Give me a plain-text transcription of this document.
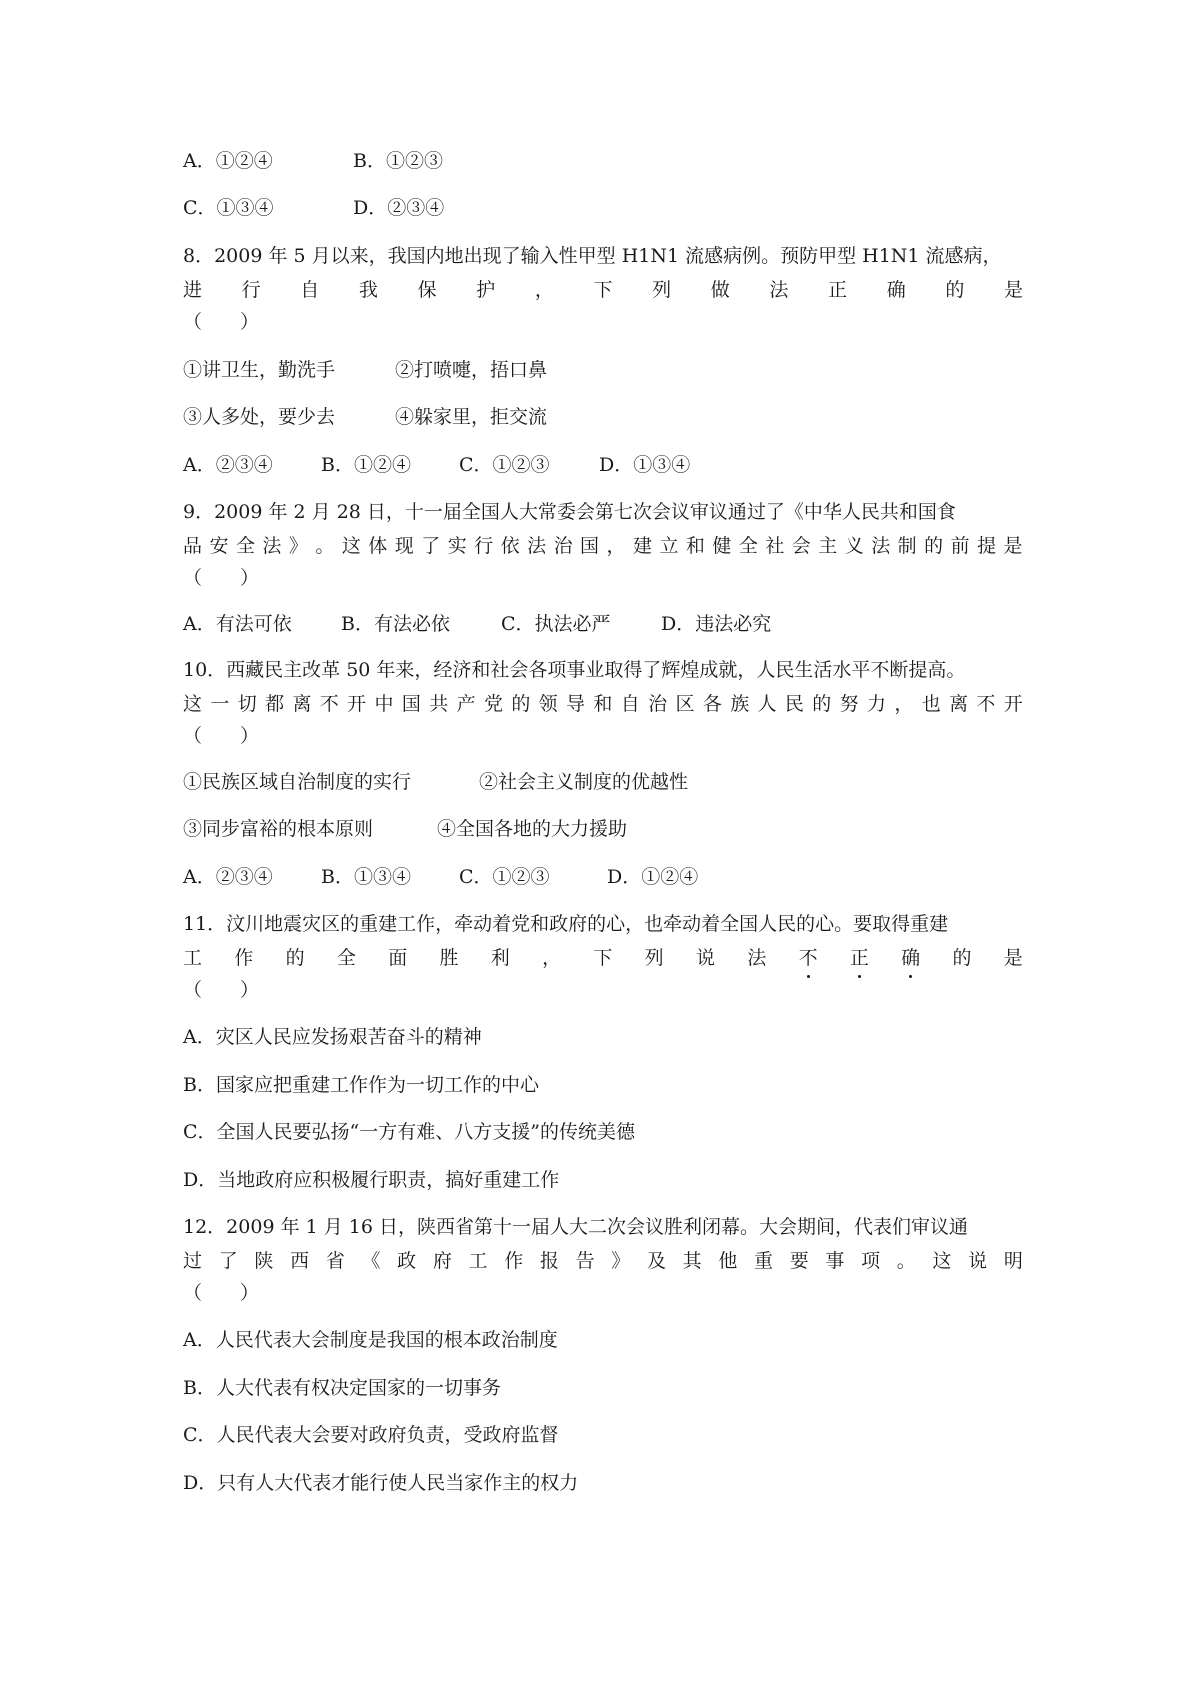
A．①②④	B．①②③
C．①③④	D．②③④
8．2009 年 5 月以来，我国内地出现了输入性甲型 H1N1 流感病例。预防甲型 H1N1 流感病，
进 行 自 我 保 护 ， 下 列 做 法 正 确 的 是
（　　）
①讲卫生，勤洗手	②打喷嚏，捂口鼻
③人多处，要少去	④躲家里，拒交流
A．②③④	B．①②④	C．①②③	D．①③④
9．2009 年 2 月 28 日，十一届全国人大常委会第七次会议审议通过了《中华人民共和国食
品 安 全 法 》 。 这 体 现 了 实 行 依 法 治 国 ， 建 立 和 健 全 社 会 主 义 法 制 的 前 提 是
（　　）
A．有法可依	B．有法必依	C．执法必严	D．违法必究
10．西藏民主改革 50 年来，经济和社会各项事业取得了辉煌成就，人民生活水平不断提高。
这 一 切 都 离 不 开 中 国 共 产 党 的 领 导 和 自 治 区 各 族 人 民 的 努 力 ， 也 离 不 开
（　　）
①民族区域自治制度的实行	②社会主义制度的优越性
③同步富裕的根本原则	④全国各地的大力援助
A．②③④	B．①③④	C．①②③	D．①②④
11．汶川地震灾区的重建工作，牵动着党和政府的心，也牵动着全国人民的心。要取得重建
工 作 的 全 面 胜 利 ， 下 列 说 法 不 正 确 的 是
（　　）
A．灾区人民应发扬艰苦奋斗的精神
B．国家应把重建工作作为一切工作的中心
C．全国人民要弘扬“一方有难、八方支援”的传统美德
D．当地政府应积极履行职责，搞好重建工作
12．2009 年 1 月 16 日，陕西省第十一届人大二次会议胜利闭幕。大会期间，代表们审议通
过 了 陕 西 省 《 政 府 工 作 报 告 》 及 其 他 重 要 事 项 。 这 说 明
（　　）
A．人民代表大会制度是我国的根本政治制度
B．人大代表有权决定国家的一切事务
C．人民代表大会要对政府负责，受政府监督
D．只有人大代表才能行使人民当家作主的权力
